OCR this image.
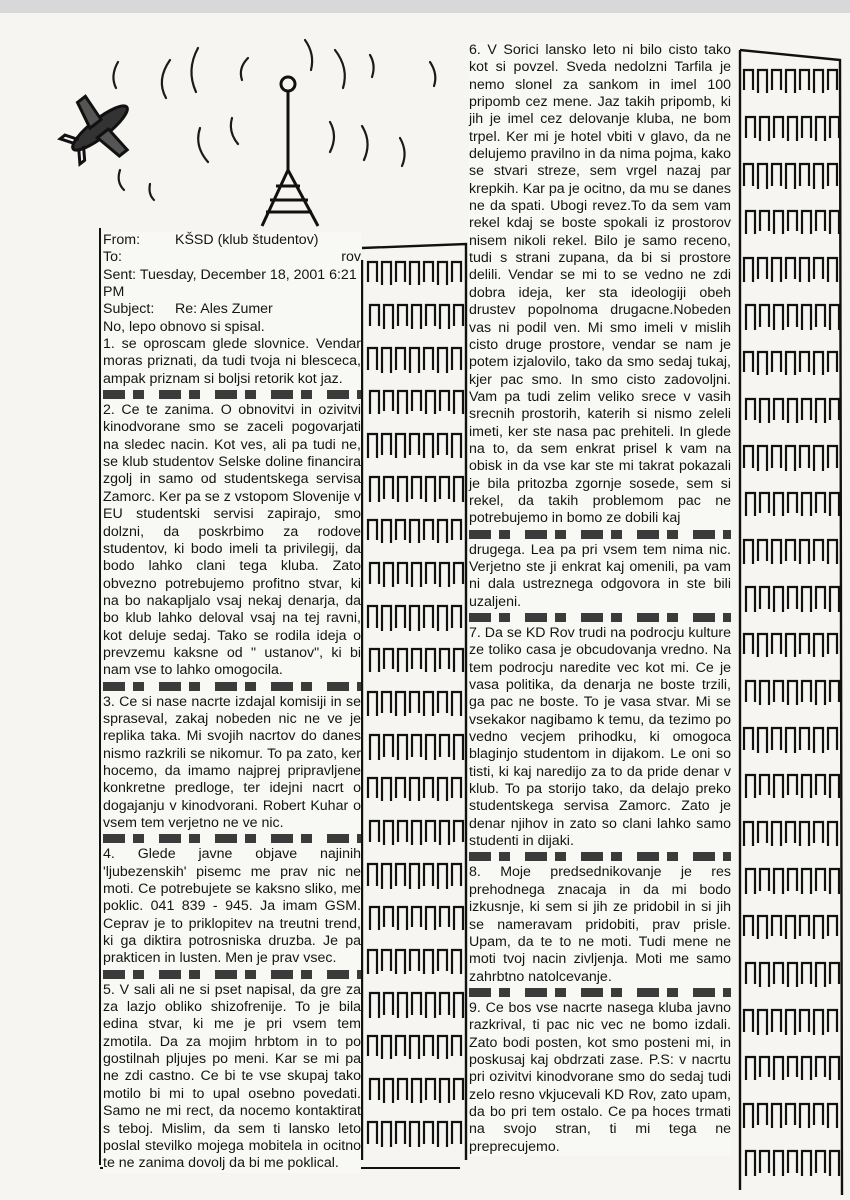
From: KŠSD (klub študentov)

To:	rov

Sent: Tuesday, December 18, 2001 6:21 PM

Subject: Re: Ales Zumer

No, lepo obnovo si spisal.

1. se oproscam glede slovnice. Vendar moras priznati, da tudi tvoja ni blesceca, ampak priznam si boljsi retorik kot jaz.

2. Ce te zanima. O obnovitvi in ozivitvi kinodvorane smo se zaceli pogovarjati na sledec nacin. Kot ves, ali pa tudi ne, se klub studentov Selske doline financira zgolj in samo od studentskega servisa Zamorc. Ker pa se z vstopom Slovenije v EU studentski servisi zapirajo, smo dolzni, da poskrbimo za rodove studentov, ki bodo imeli ta privilegij, da bodo lahko clani tega kluba. Zato obvezno potrebujemo profitno stvar, ki na bo nakapljalo vsaj nekaj denarja, da bo klub lahko deloval vsaj na tej ravni, kot deluje sedaj. Tako se rodila ideja o prevzemu kaksne od " ustanov", ki bi nam vse to lahko omogocila.

3. Ce si nase nacrte izdajal komisiji in se spraseval, zakaj nobeden nic ne ve je replika taka. Mi svojih nacrtov do danes nismo razkrili se nikomur. To pa zato, ker hocemo, da imamo najprej pripravljene konkretne predloge, ter idejni nacrt o dogajanju v kinodvorani. Robert Kuhar o vsem tem verjetno ne ve nic.

4. Glede javne objave najinih 'ljubezenskih' pisemc me prav nic ne moti. Ce potrebujete se kaksno sliko, me poklic. 041 839 - 945. Ja imam GSM. Ceprav je to priklopitev na treutni trend, ki ga diktira potrosniska druzba. Je pa prakticen in lusten. Men je prav vsec.

5. V sali ali ne si pset napisal, da gre za za lazjo obliko shizofrenije. To je bila edina stvar, ki me je pri vsem tem zmotila. Da za mojim hrbtom in to po gostilnah pljujes po meni. Kar se mi pa ne zdi castno. Ce bi te vse skupaj tako motilo bi mi to upal osebno povedati. Samo ne mi rect, da nocemo kontaktirat s teboj. Mislim, da sem ti lansko leto poslal stevilko mojega mobitela in ocitno te ne zanima dovolj da bi me poklical.

6. V Sorici lansko leto ni bilo cisto tako kot si povzel. Sveda nedolzni Tarfila je nemo slonel za sankom in imel 100 pripomb cez mene. Jaz takih pripomb, ki jih je imel cez delovanje kluba, ne bom trpel. Ker mi je hotel vbiti v glavo, da ne delujemo pravilno in da nima pojma, kako se stvari streze, sem vrgel nazaj par krepkih. Kar pa je ocitno, da mu se danes ne da spati. Ubogi revez.To da sem vam rekel kdaj se boste spokali iz prostorov nisem nikoli rekel. Bilo je samo receno, tudi s strani zupana, da bi si prostore delili. Vendar se mi to se vedno ne zdi dobra ideja, ker sta ideologiji obeh drustev popolnoma drugacne.Nobeden vas ni podil ven. Mi smo imeli v mislih cisto druge prostore, vendar se nam je potem izjalovilo, tako da smo sedaj tukaj, kjer pac smo. In smo cisto zadovoljni. Vam pa tudi zelim veliko srece v vasih srecnih prostorih, katerih si nismo zeleli imeti, ker ste nasa pac prehiteli. In glede na to, da sem enkrat prisel k vam na obisk in da vse kar ste mi takrat pokazali je bila pritozba zgornje sosede, sem si rekel, da takih problemom pac ne potrebujemo in bomo ze dobili kaj

drugega. Lea pa pri vsem tem nima nic. Verjetno ste ji enkrat kaj omenili, pa vam ni dala ustreznega odgovora in ste bili uzaljeni.

7. Da se KD Rov trudi na podrocju kulture ze toliko casa je obcudovanja vredno. Na tem podrocju naredite vec kot mi. Ce je vasa politika, da denarja ne boste trzili, ga pac ne boste. To je vasa stvar. Mi se vsekakor nagibamo k temu, da tezimo po vedno vecjem prihodku, ki omogoca blaginjo studentom in dijakom. Le oni so tisti, ki kaj naredijo za to da pride denar v klub. To pa storijo tako, da delajo preko studentskega servisa Zamorc. Zato je denar njihov in zato so clani lahko samo studenti in dijaki.

8. Moje predsednikovanje je res prehodnega znacaja in da mi bodo izkusnje, ki sem si jih ze pridobil in si jih se nameravam pridobiti, prav prisle. Upam, da te to ne moti. Tudi mene ne moti tvoj nacin zivljenja. Moti me samo zahrbtno natolcevanje.

9. Ce bos vse nacrte nasega kluba javno razkrival, ti pac nic vec ne bomo izdali. Zato bodi posten, kot smo posteni mi, in poskusaj kaj obdrzati zase. P.S: v nacrtu pri ozivitvi kinodvorane smo do sedaj tudi zelo resno vkjucevali KD Rov, zato upam, da bo pri tem ostalo. Ce pa hoces trmati na svojo stran, ti mi tega ne preprecujemo.
